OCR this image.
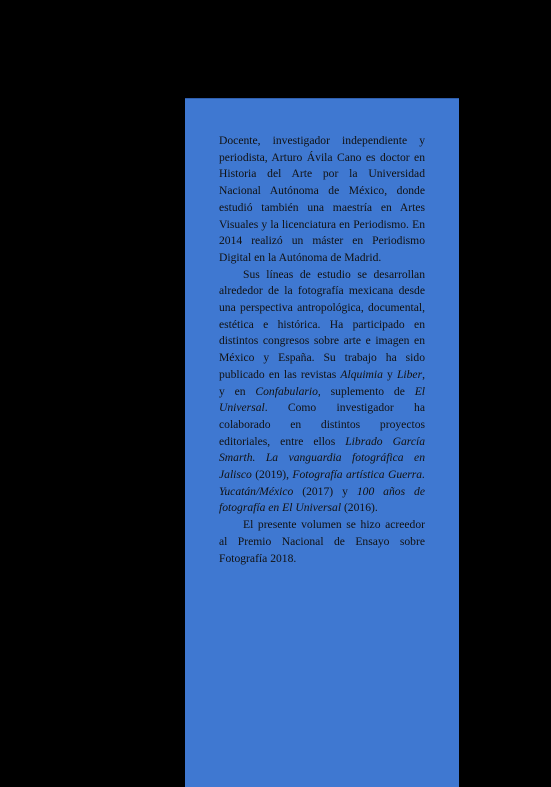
Docente, investigador independiente y periodista, Arturo Ávila Cano es doctor en Historia del Arte por la Universidad Nacional Autónoma de México, donde estudió también una maestría en Artes Visuales y la licenciatura en Periodismo. En 2014 realizó un máster en Periodismo Digital en la Autónoma de Madrid.

Sus líneas de estudio se desarrollan alrededor de la fotografía mexicana desde una perspectiva antropológica, documental, estética e histórica. Ha participado en distintos congresos sobre arte e imagen en México y España. Su trabajo ha sido publicado en las revistas Alquimia y Liber, y en Confabulario, suplemento de El Universal. Como investigador ha colaborado en distintos proyectos editoriales, entre ellos Librado García Smarth. La vanguardia fotográfica en Jalisco (2019), Fotografía artística Guerra. Yucatán/México (2017) y 100 años de fotografía en El Universal (2016).

El presente volumen se hizo acreedor al Premio Nacional de Ensayo sobre Fotografía 2018.
